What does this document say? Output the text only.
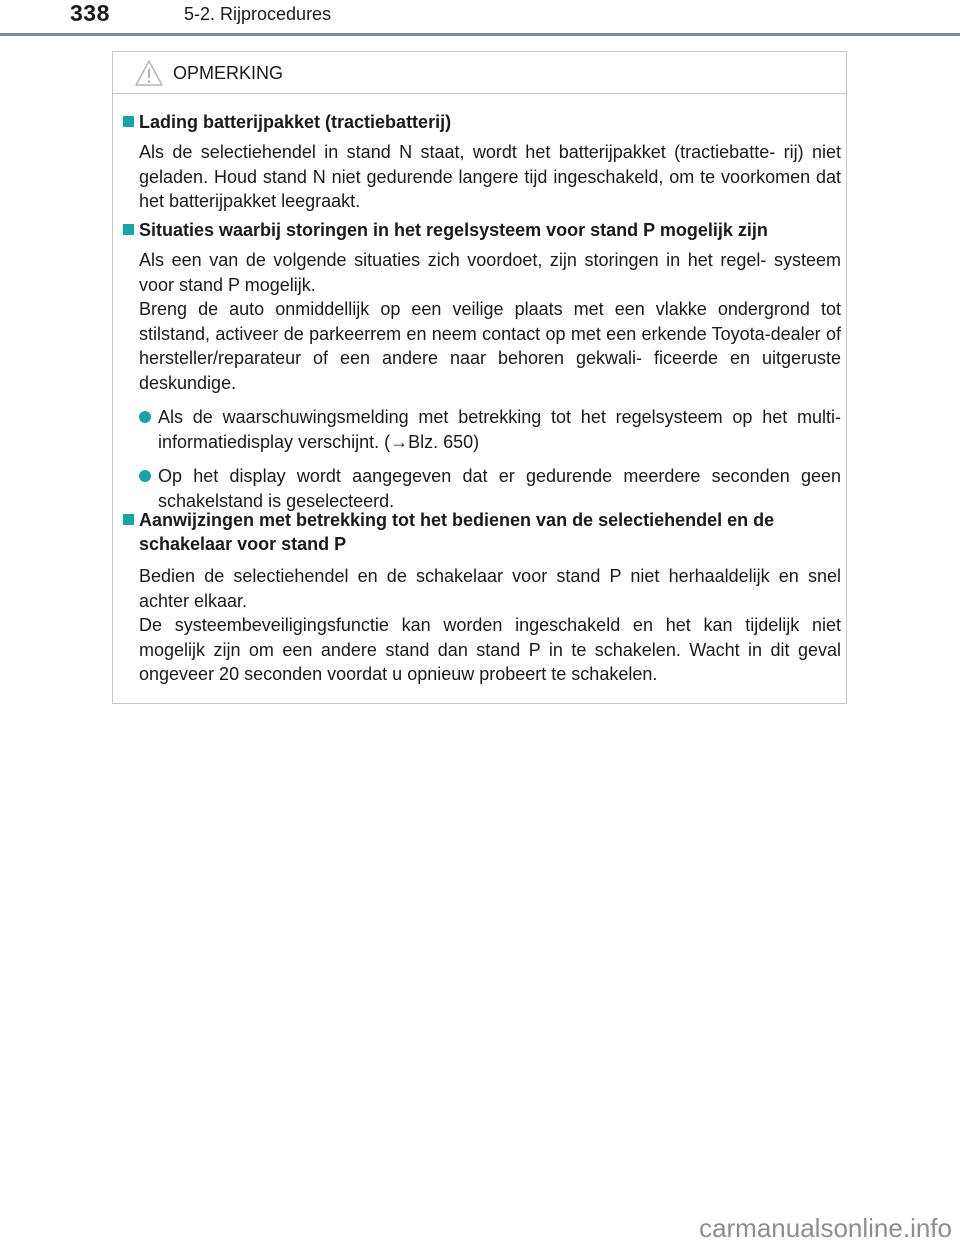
338	5-2. Rijprocedures
OPMERKING
Lading batterijpakket (tractiebatterij)
Als de selectiehendel in stand N staat, wordt het batterijpakket (tractiebatte- rij) niet geladen. Houd stand N niet gedurende langere tijd ingeschakeld, om te voorkomen dat het batterijpakket leegraakt.
Situaties waarbij storingen in het regelsysteem voor stand P mogelijk zijn
Als een van de volgende situaties zich voordoet, zijn storingen in het regel- systeem voor stand P mogelijk.
Breng de auto onmiddellijk op een veilige plaats met een vlakke ondergrond tot stilstand, activeer de parkeerrem en neem contact op met een erkende Toyota-dealer of hersteller/reparateur of een andere naar behoren gekwali- ficeerde en uitgeruste deskundige.
Als de waarschuwingsmelding met betrekking tot het regelsysteem op het multi-informatiedisplay verschijnt. (→Blz. 650)
Op het display wordt aangegeven dat er gedurende meerdere seconden geen schakelstand is geselecteerd.
Aanwijzingen met betrekking tot het bedienen van de selectiehendel en de schakelaar voor stand P
Bedien de selectiehendel en de schakelaar voor stand P niet herhaaldelijk en snel achter elkaar.
De systeembeveiligingsfunctie kan worden ingeschakeld en het kan tijdelijk niet mogelijk zijn om een andere stand dan stand P in te schakelen. Wacht in dit geval ongeveer 20 seconden voordat u opnieuw probeert te schakelen.
carmanualsonline.info
